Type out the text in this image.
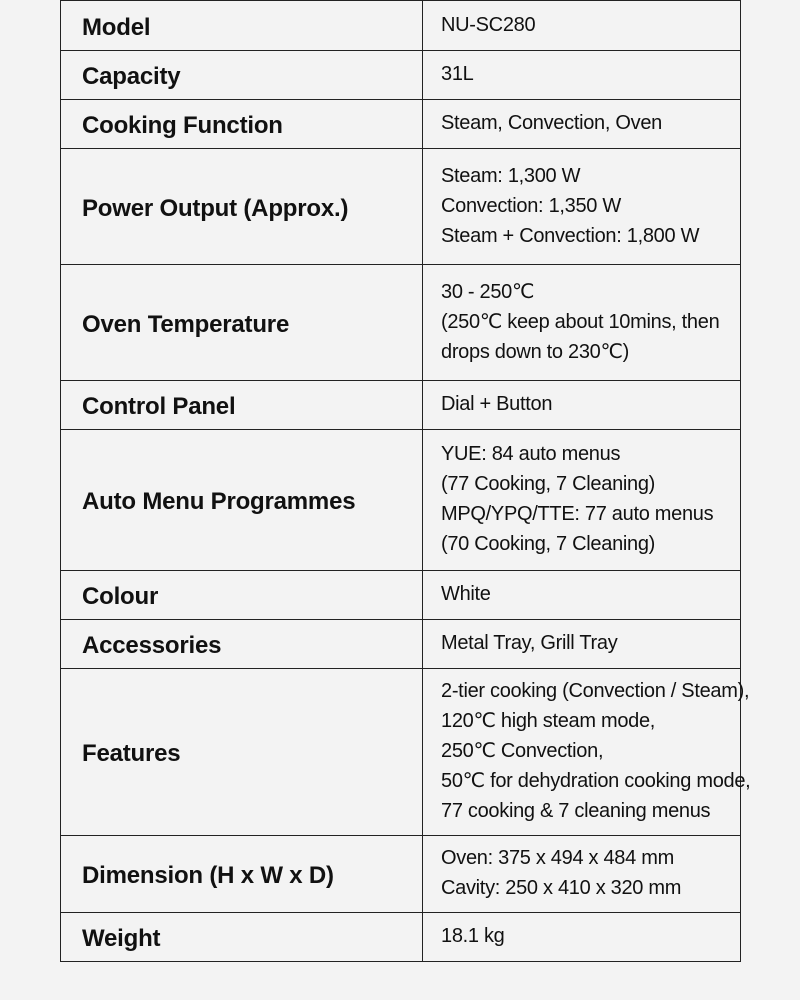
Model	NU-SC280

Capacity	31L

Cooking Function	Steam, Convection, Oven

Power Output (Approx.)	Steam: 1,300 W
Convection: 1,350 W
Steam + Convection: 1,800 W

Oven Temperature	30 - 250℃
(250℃ keep about 10mins, then
drops down to 230℃)

Control Panel	Dial + Button

Auto Menu Programmes	YUE: 84 auto menus
(77 Cooking, 7 Cleaning)
MPQ/YPQ/TTE: 77 auto menus
(70 Cooking, 7 Cleaning)

Colour	White

Accessories	Metal Tray, Grill Tray

Features	2-tier cooking (Convection / Steam),
120℃ high steam mode,
250℃ Convection,
50℃ for dehydration cooking mode,
77 cooking & 7 cleaning menus

Dimension (H x W x D)	Oven: 375 x 494 x 484 mm
Cavity: 250 x 410 x 320 mm

Weight	18.1 kg
